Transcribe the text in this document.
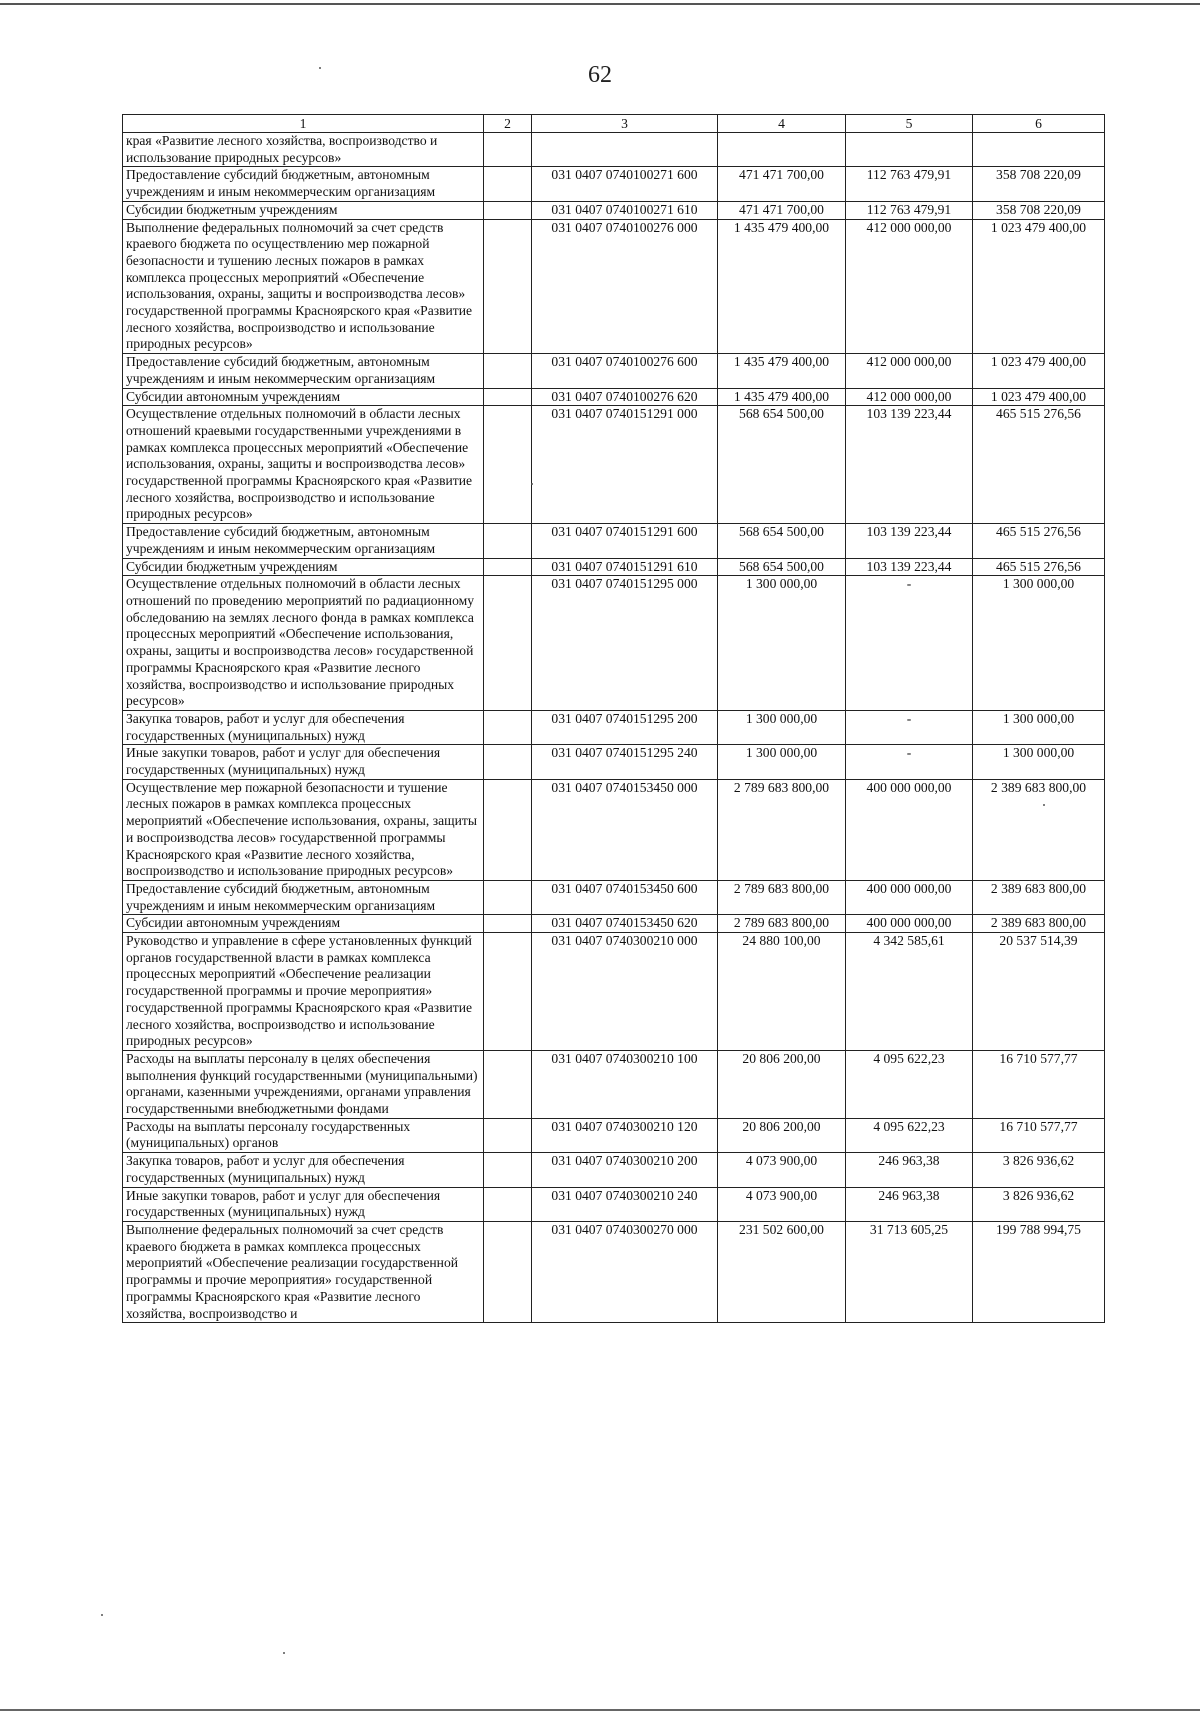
62
1	2	3	4	5	6
края «Развитие лесного хозяйства, воспроизводство и использование природных ресурсов»					
Предоставление субсидий бюджетным, автономным учреждениям и иным некоммерческим организациям		031 0407 0740100271 600	471 471 700,00	112 763 479,91	358 708 220,09
Субсидии бюджетным учреждениям		031 0407 0740100271 610	471 471 700,00	112 763 479,91	358 708 220,09
Выполнение федеральных полномочий за счет средств краевого бюджета по осуществлению мер пожарной безопасности и тушению лесных пожаров в рамках комплекса процессных мероприятий «Обеспечение использования, охраны, защиты и воспроизводства лесов» государственной программы Красноярского края «Развитие лесного хозяйства, воспроизводство и использование природных ресурсов»		031 0407 0740100276 000	1 435 479 400,00	412 000 000,00	1 023 479 400,00
Предоставление субсидий бюджетным, автономным учреждениям и иным некоммерческим организациям		031 0407 0740100276 600	1 435 479 400,00	412 000 000,00	1 023 479 400,00
Субсидии автономным учреждениям		031 0407 0740100276 620	1 435 479 400,00	412 000 000,00	1 023 479 400,00
Осуществление отдельных полномочий в области лесных отношений краевыми государственными учреждениями в рамках комплекса процессных мероприятий «Обеспечение использования, охраны, защиты и воспроизводства лесов» государственной программы Красноярского края «Развитие лесного хозяйства, воспроизводство и использование природных ресурсов»		031 0407 0740151291 000	568 654 500,00	103 139 223,44	465 515 276,56
Предоставление субсидий бюджетным, автономным учреждениям и иным некоммерческим организациям		031 0407 0740151291 600	568 654 500,00	103 139 223,44	465 515 276,56
Субсидии бюджетным учреждениям		031 0407 0740151291 610	568 654 500,00	103 139 223,44	465 515 276,56
Осуществление отдельных полномочий в области лесных отношений по проведению мероприятий по радиационному обследованию на землях лесного фонда в рамках комплекса процессных мероприятий «Обеспечение использования, охраны, защиты и воспроизводства лесов» государственной программы Красноярского края «Развитие лесного хозяйства, воспроизводство и использование природных ресурсов»		031 0407 0740151295 000	1 300 000,00	-	1 300 000,00
Закупка товаров, работ и услуг для обеспечения государственных (муниципальных) нужд		031 0407 0740151295 200	1 300 000,00	-	1 300 000,00
Иные закупки товаров, работ и услуг для обеспечения государственных (муниципальных) нужд		031 0407 0740151295 240	1 300 000,00	-	1 300 000,00
Осуществление мер пожарной безопасности и тушение лесных пожаров в рамках комплекса процессных мероприятий «Обеспечение использования, охраны, защиты и воспроизводства лесов» государственной программы Красноярского края «Развитие лесного хозяйства, воспроизводство и использование природных ресурсов»		031 0407 0740153450 000	2 789 683 800,00	400 000 000,00	2 389 683 800,00
Предоставление субсидий бюджетным, автономным учреждениям и иным некоммерческим организациям		031 0407 0740153450 600	2 789 683 800,00	400 000 000,00	2 389 683 800,00
Субсидии автономным учреждениям		031 0407 0740153450 620	2 789 683 800,00	400 000 000,00	2 389 683 800,00
Руководство и управление в сфере установленных функций органов государственной власти в рамках комплекса процессных мероприятий «Обеспечение реализации государственной программы и прочие мероприятия» государственной программы Красноярского края «Развитие лесного хозяйства, воспроизводство и использование природных ресурсов»		031 0407 0740300210 000	24 880 100,00	4 342 585,61	20 537 514,39
Расходы на выплаты персоналу в целях обеспечения выполнения функций государственными (муниципальными) органами, казенными учреждениями, органами управления государственными внебюджетными фондами		031 0407 0740300210 100	20 806 200,00	4 095 622,23	16 710 577,77
Расходы на выплаты персоналу государственных (муниципальных) органов		031 0407 0740300210 120	20 806 200,00	4 095 622,23	16 710 577,77
Закупка товаров, работ и услуг для обеспечения государственных (муниципальных) нужд		031 0407 0740300210 200	4 073 900,00	246 963,38	3 826 936,62
Иные закупки товаров, работ и услуг для обеспечения государственных (муниципальных) нужд		031 0407 0740300210 240	4 073 900,00	246 963,38	3 826 936,62
Выполнение федеральных полномочий за счет средств краевого бюджета в рамках комплекса процессных мероприятий «Обеспечение реализации государственной программы и прочие мероприятия» государственной программы Красноярского края «Развитие лесного хозяйства, воспроизводство и		031 0407 0740300270 000	231 502 600,00	31 713 605,25	199 788 994,75
